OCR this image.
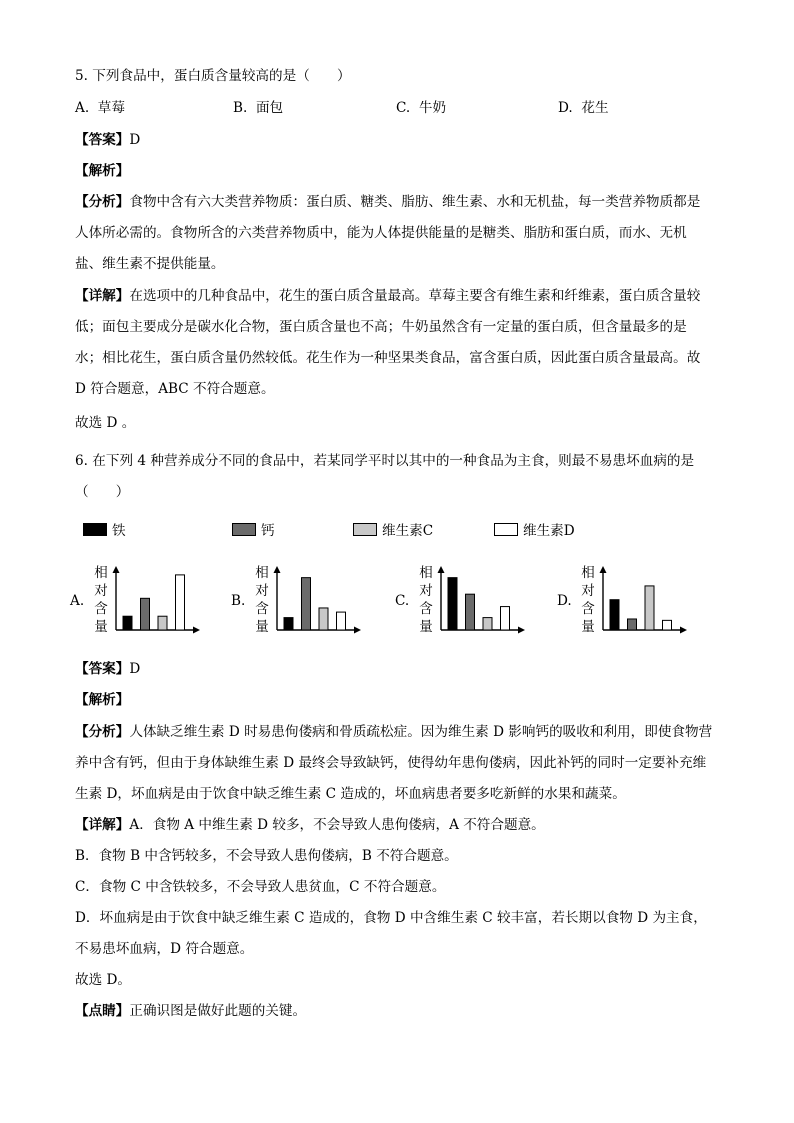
5. 下列食品中，蛋白质含量较高的是（　　）
A. 草莓	B. 面包	C. 牛奶	D. 花生
【答案】D
【解析】
【分析】食物中含有六大类营养物质：蛋白质、糖类、脂肪、维生素、水和无机盐，每一类营养物质都是
人体所必需的。食物所含的六类营养物质中，能为人体提供能量的是糖类、脂肪和蛋白质，而水、无机
盐、维生素不提供能量。
【详解】在选项中的几种食品中，花生的蛋白质含量最高。草莓主要含有维生素和纤维素，蛋白质含量较
低；面包主要成分是碳水化合物，蛋白质含量也不高；牛奶虽然含有一定量的蛋白质，但含量最多的是
水；相比花生，蛋白质含量仍然较低。花生作为一种坚果类食品，富含蛋白质，因此蛋白质含量最高。故
D 符合题意，ABC 不符合题意。
故选 D 。
6. 在下列 4 种营养成分不同的食品中，若某同学平时以其中的一种食品为主食，则最不易患坏血病的是
（　　）
铁	钙	维生素C	维生素D
A.
相
对
含
量
B.
相
对
含
量
C.
相
对
含
量
D.
相
对
含
量
【答案】D
【解析】
【分析】人体缺乏维生素 D 时易患佝偻病和骨质疏松症。因为维生素 D 影响钙的吸收和利用，即使食物营
养中含有钙，但由于身体缺维生素 D 最终会导致缺钙，使得幼年患佝偻病，因此补钙的同时一定要补充维
生素 D，坏血病是由于饮食中缺乏维生素 C 造成的，坏血病患者要多吃新鲜的水果和蔬菜。
【详解】A．食物 A 中维生素 D 较多，不会导致人患佝偻病，A 不符合题意。
B．食物 B 中含钙较多，不会导致人患佝偻病，B 不符合题意。
C．食物 C 中含铁较多，不会导致人患贫血，C 不符合题意。
D．坏血病是由于饮食中缺乏维生素 C 造成的，食物 D 中含维生素 C 较丰富，若长期以食物 D 为主食，
不易患坏血病，D 符合题意。
故选 D。
【点睛】正确识图是做好此题的关键。
